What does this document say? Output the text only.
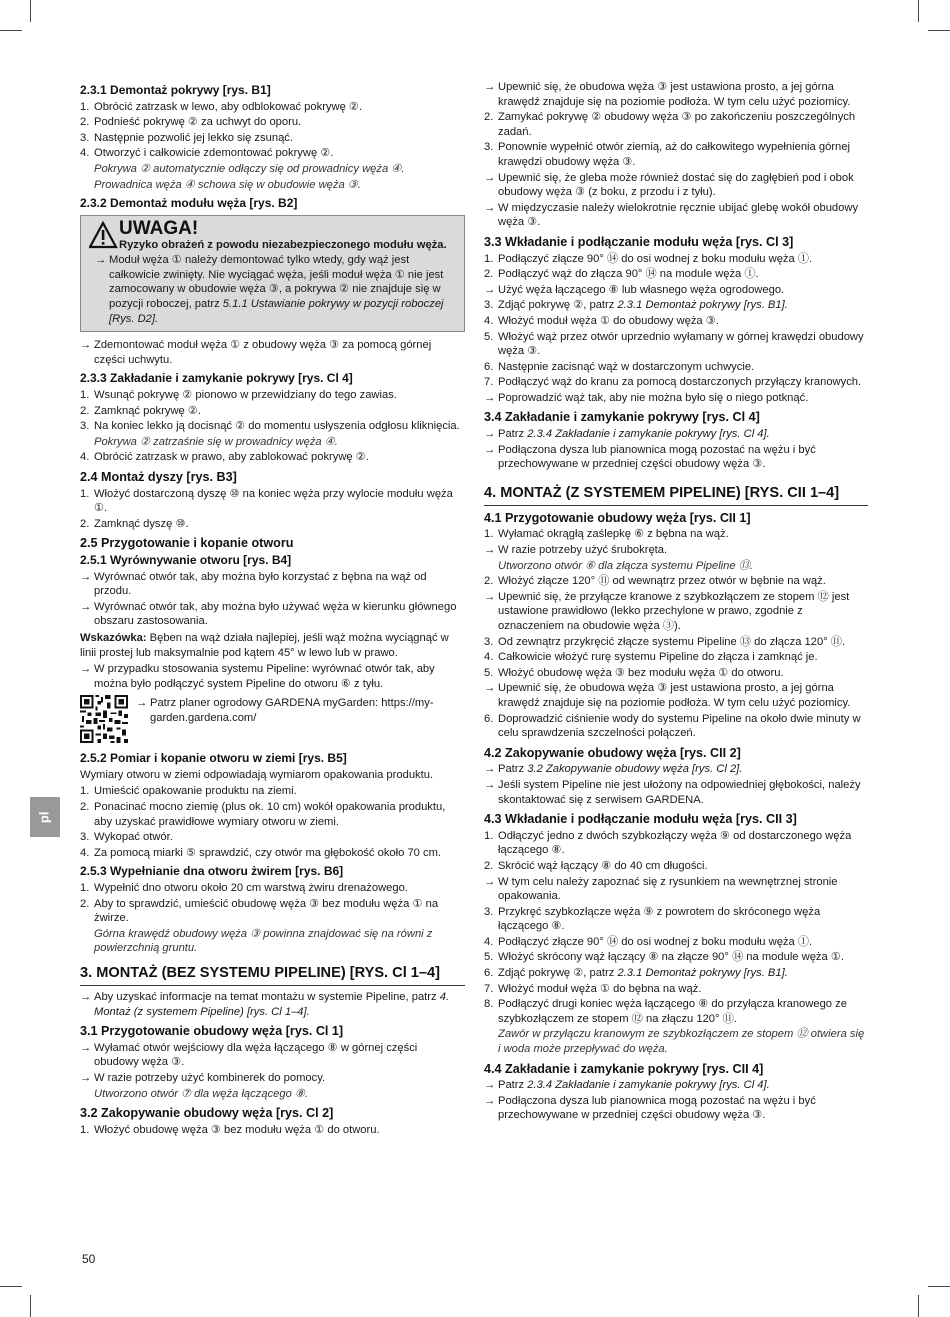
pl
2.3.1 Demontaż pokrywy [rys. B1]
1. Obrócić zatrzask w lewo, aby odblokować pokrywę ②.
2. Podnieść pokrywę ② za uchwyt do oporu.
3. Następnie pozwolić jej lekko się zsunąć.
4. Otworzyć i całkowicie zdemontować pokrywę ②.
Pokrywa ② automatycznie odłączy się od prowadnicy węża ④.
Prowadnica węża ④ schowa się w obudowie węża ③.
2.3.2 Demontaż modułu węża [rys. B2]
UWAGA!
Ryzyko obrażeń z powodu niezabezpieczonego modułu węża.
→ Moduł węża ① należy demontować tylko wtedy, gdy wąż jest całkowicie zwinięty. Nie wyciągać węża, jeśli moduł węża ① nie jest zamocowany w obudowie węża ③, a pokrywa ② nie znajduje się w pozycji roboczej, patrz 5.1.1 Ustawianie pokrywy w pozycji roboczej [Rys. D2].
→ Zdemontować moduł węża ① z obudowy węża ③ za pomocą górnej części uchwytu.
2.3.3 Zakładanie i zamykanie pokrywy [rys. Cl 4]
1. Wsunąć pokrywę ② pionowo w przewidziany do tego zawias.
2. Zamknąć pokrywę ②.
3. Na koniec lekko ją docisnąć ② do momentu usłyszenia odgłosu kliknięcia.
Pokrywa ② zatrzaśnie się w prowadnicy węża ④.
4. Obrócić zatrzask w prawo, aby zablokować pokrywę ②.
2.4 Montaż dyszy [rys. B3]
1. Włożyć dostarczoną dyszę ⑩ na koniec węża przy wylocie modułu węża ①.
2. Zamknąć dyszę ⑩.
2.5 Przygotowanie i kopanie otworu
2.5.1 Wyrównywanie otworu [rys. B4]
→ Wyrównać otwór tak, aby można było korzystać z bębna na wąż od przodu.
→ Wyrównać otwór tak, aby można było używać węża w kierunku głównego obszaru zastosowania.
Wskazówka: Bęben na wąż działa najlepiej, jeśli wąż można wyciągnąć w linii prostej lub maksymalnie pod kątem 45° w lewo lub w prawo.
→ W przypadku stosowania systemu Pipeline: wyrównać otwór tak, aby można było podłączyć system Pipeline do otworu ⑥ z tyłu.
→ Patrz planer ogrodowy GARDENA myGarden: https://my-garden.gardena.com/
2.5.2 Pomiar i kopanie otworu w ziemi [rys. B5]
Wymiary otworu w ziemi odpowiadają wymiarom opakowania produktu.
1. Umieścić opakowanie produktu na ziemi.
2. Ponacinać mocno ziemię (plus ok. 10 cm) wokół opakowania produktu, aby uzyskać prawidłowe wymiary otworu w ziemi.
3. Wykopać otwór.
4. Za pomocą miarki ⑤ sprawdzić, czy otwór ma głębokość około 70 cm.
2.5.3 Wypełnianie dna otworu żwirem [rys. B6]
1. Wypełnić dno otworu około 20 cm warstwą żwiru drenażowego.
2. Aby to sprawdzić, umieścić obudowę węża ③ bez modułu węża ① na żwirze.
Górna krawędź obudowy węża ③ powinna znajdować się na równi z powierzchnią gruntu.
3. MONTAŻ (BEZ SYSTEMU PIPELINE) [RYS. Cl 1–4]
→ Aby uzyskać informacje na temat montażu w systemie Pipeline, patrz 4. Montaż (z systemem Pipeline) [rys. Cl 1–4].
3.1 Przygotowanie obudowy węża [rys. Cl 1]
→ Wyłamać otwór wejściowy dla węża łączącego ⑧ w górnej części obudowy węża ③.
→ W razie potrzeby użyć kombinerek do pomocy.
Utworzono otwór ⑦ dla węża łączącego ⑧.
3.2 Zakopywanie obudowy węża [rys. Cl 2]
1. Włożyć obudowę węża ③ bez modułu węża ① do otworu.
→ Upewnić się, że obudowa węża ③ jest ustawiona prosto, a jej górna krawędź znajduje się na poziomie podłoża. W tym celu użyć poziomicy.
2. Zamykać pokrywę ② obudowy węża ③ po zakończeniu poszczególnych zadań.
3. Ponownie wypełnić otwór ziemią, aż do całkowitego wypełnienia górnej krawędzi obudowy węża ③.
→ Upewnić się, że gleba może również dostać się do zagłębień pod i obok obudowy węża ③ (z boku, z przodu i z tyłu).
→ W międzyczasie należy wielokrotnie ręcznie ubijać glebę wokół obudowy węża ③.
3.3 Wkładanie i podłączanie modułu węża [rys. Cl 3]
1. Podłączyć złącze 90° ⑭ do osi wodnej z boku modułu węża ①.
2. Podłączyć wąż do złącza 90° ⑭ na module węża ①.
→ Użyć węża łączącego ⑧ lub własnego węża ogrodowego.
3. Zdjąć pokrywę ②, patrz 2.3.1 Demontaż pokrywy [rys. B1].
4. Włożyć moduł węża ① do obudowy węża ③.
5. Włożyć wąż przez otwór uprzednio wyłamany w górnej krawędzi obudowy węża ③.
6. Następnie zacisnąć wąż w dostarczonym uchwycie.
7. Podłączyć wąż do kranu za pomocą dostarczonych przyłączy kranowych.
→ Poprowadzić wąż tak, aby nie można było się o niego potknąć.
3.4 Zakładanie i zamykanie pokrywy [rys. Cl 4]
→ Patrz 2.3.4 Zakładanie i zamykanie pokrywy [rys. Cl 4].
→ Podłączona dysza lub pianownica mogą pozostać na wężu i być przechowywane w przedniej części obudowy węża ③.
4. MONTAŻ (Z SYSTEMEM PIPELINE) [RYS. CII 1–4]
4.1 Przygotowanie obudowy węża [rys. CII 1]
1. Wyłamać okrągłą zaślepkę ⑥ z bębna na wąż.
→ W razie potrzeby użyć śrubokręta.
Utworzono otwór ⑥ dla złącza systemu Pipeline ⑬.
2. Włożyć złącze 120° ⑪ od wewnątrz przez otwór w bębnie na wąż.
→ Upewnić się, że przyłącze kranowe z szybkozłączem ze stopem ⑫ jest ustawione prawidłowo (lekko przechylone w prawo, zgodnie z oznaczeniem na obudowie węża ③).
3. Od zewnątrz przykręcić złącze systemu Pipeline ⑬ do złącza 120° ⑪.
4. Całkowicie włożyć rurę systemu Pipeline do złącza i zamknąć je.
5. Włożyć obudowę węża ③ bez modułu węża ① do otworu.
→ Upewnić się, że obudowa węża ③ jest ustawiona prosto, a jej górna krawędź znajduje się na poziomie podłoża. W tym celu użyć poziomicy.
6. Doprowadzić ciśnienie wody do systemu Pipeline na około dwie minuty w celu sprawdzenia szczelności połączeń.
4.2 Zakopywanie obudowy węża [rys. CII 2]
→ Patrz 3.2 Zakopywanie obudowy węża [rys. Cl 2].
→ Jeśli system Pipeline nie jest ułożony na odpowiedniej głębokości, należy skontaktować się z serwisem GARDENA.
4.3 Wkładanie i podłączanie modułu węża [rys. CII 3]
1. Odłączyć jedno z dwóch szybkozłączy węża ⑨ od dostarczonego węża łączącego ⑧.
2. Skrócić wąż łączący ⑧ do 40 cm długości.
→ W tym celu należy zapoznać się z rysunkiem na wewnętrznej stronie opakowania.
3. Przykręć szybkozłącze węża ⑨ z powrotem do skróconego węża łączącego ⑧.
4. Podłączyć złącze 90° ⑭ do osi wodnej z boku modułu węża ①.
5. Włożyć skrócony wąż łączący ⑧ na złącze 90° ⑭ na module węża ①.
6. Zdjąć pokrywę ②, patrz 2.3.1 Demontaż pokrywy [rys. B1].
7. Włożyć moduł węża ① do bębna na wąż.
8. Podłączyć drugi koniec węża łączącego ⑧ do przyłącza kranowego ze szybkozłączem ze stopem ⑫ na złączu 120° ⑪.
Zawór w przyłączu kranowym ze szybkozłączem ze stopem ⑫ otwiera się i woda może przepływać do węża.
4.4 Zakładanie i zamykanie pokrywy [rys. CII 4]
→ Patrz 2.3.4 Zakładanie i zamykanie pokrywy [rys. Cl 4].
→ Podłączona dysza lub pianownica mogą pozostać na wężu i być przechowywane w przedniej części obudowy węża ③.
50
